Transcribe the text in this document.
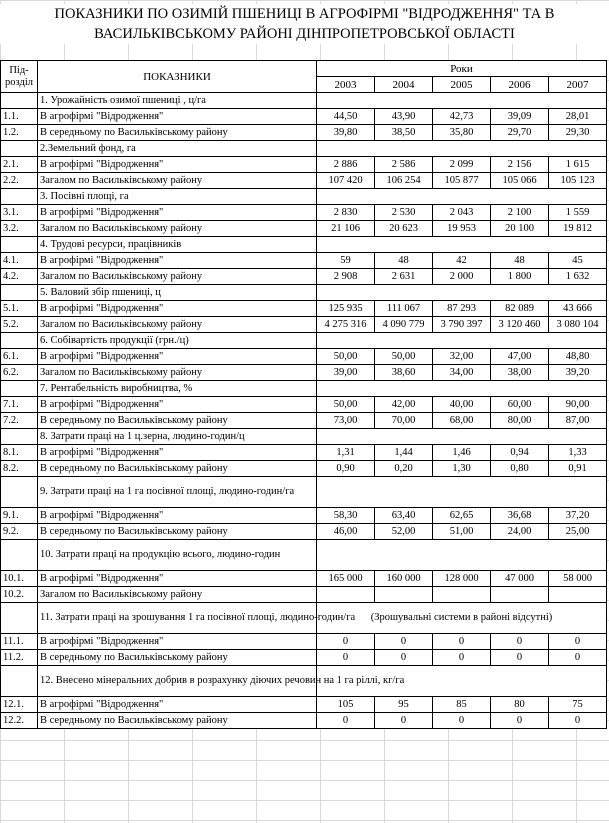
ПОКАЗНИКИ ПО ОЗИМІЙ ПШЕНИЦІ В АГРОФІРМІ "ВІДРОДЖЕННЯ" ТА В ВАСИЛЬКІВСЬКОМУ РАЙОНІ ДІНПРОПЕТРОВСЬКОЇ ОБЛАСТІ
Під-розділ	ПОКАЗНИКИ	Роки				
		2003	2004	2005	2006	2007
	1. Урожайність озимої пшениці , ц/га					
1.1.	В агрофірмі "Відродження"	44,50	43,90	42,73	39,09	28,01
1.2.	В середньому по Васильківському району	39,80	38,50	35,80	29,70	29,30
	2.Земельний фонд, га					
2.1.	В агрофірмі "Відродження"	2 886	2 586	2 099	2 156	1 615
2.2.	Загалом по Васильківському району	107 420	106 254	105 877	105 066	105 123
	3. Посівні площі, га					
3.1.	В агрофірмі "Відродження"	2 830	2 530	2 043	2 100	1 559
3.2.	Загалом по Васильківському району	21 106	20 623	19 953	20 100	19 812
	4. Трудові ресурси, працівників					
4.1.	В агрофірмі "Відродження"	59	48	42	48	45
4.2.	Загалом по Васильківському району	2 908	2 631	2 000	1 800	1 632
	5. Валовий збір пшениці, ц					
5.1.	В агрофірмі "Відродження"	125 935	111 067	87 293	82 089	43 666
5.2.	Загалом по Васильківському району	4 275 316	4 090 779	3 790 397	3 120 460	3 080 104
	6. Собівартість продукції (грн./ц)					
6.1.	В агрофірмі "Відродження"	50,00	50,00	32,00	47,00	48,80
6.2.	Загалом по Васильківському району	39,00	38,60	34,00	38,00	39,20
	7. Рентабельність виробництва, %					
7.1.	В агрофірмі "Відродження"	50,00	42,00	40,00	60,00	90,00
7.2.	В середньому по Васильківському району	73,00	70,00	68,00	80,00	87,00
	8. Затрати праці на 1 ц.зерна, людино-годин/ц					
8.1.	В агрофірмі "Відродження"	1,31	1,44	1,46	0,94	1,33
8.2.	В середньому по Васильківському району	0,90	0,20	1,30	0,80	0,91
	9. Затрати праці на 1 га посівної площі, людино-годин/га					
9.1.	В агрофірмі "Відродження"	58,30	63,40	62,65	36,68	37,20
9.2.	В середньому по Васильківському району	46,00	52,00	51,00	24,00	25,00
	10. Затрати праці на продукцію всього, людино-годин					
10.1.	В агрофірмі "Відродження"	165 000	160 000	128 000	47 000	58 000
10.2.	Загалом по Васильківському району					
	11. Затрати праці на зрошування 1 га посівної площі, людино-годин/га	(Зрошувальні системи в районі відсутні)				
11.1.	В агрофірмі "Відродження"	0	0	0	0	0
11.2.	В середньому по Васильківському району	0	0	0	0	0
	12. Внесено мінеральних добрив в розрахунку діючих речовин на 1 га ріллі, кг/га					
12.1.	В агрофірмі "Відродження"	105	95	85	80	75
12.2.	В середньому по Васильківському району	0	0	0	0	0
